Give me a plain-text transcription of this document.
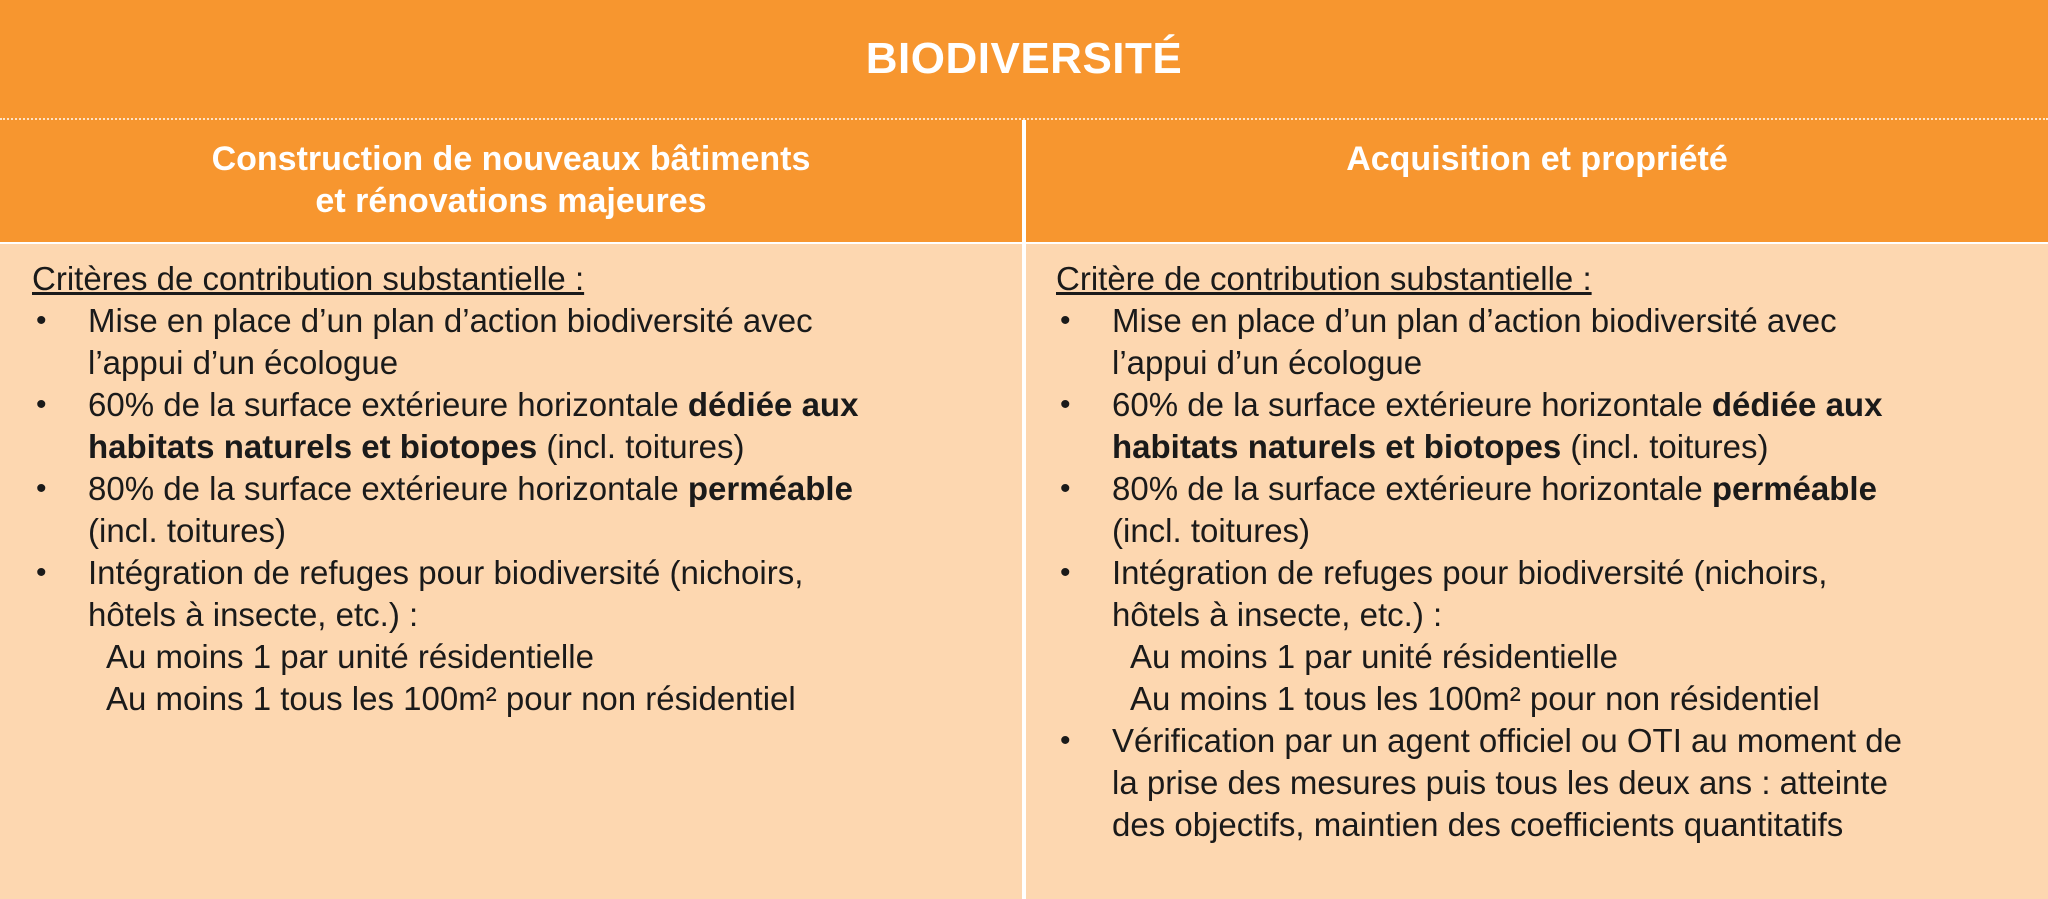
BIODIVERSITÉ
Construction de nouveaux bâtiments
et rénovations majeures
Acquisition et propriété
Critères de contribution substantielle :
• Mise en place d’un plan d’action biodiversité avec
l’appui d’un écologue
• 60% de la surface extérieure horizontale dédiée aux
habitats naturels et biotopes (incl. toitures)
• 80% de la surface extérieure horizontale perméable
(incl. toitures)
• Intégration de refuges pour biodiversité (nichoirs,
hôtels à insecte, etc.) :
Au moins 1 par unité résidentielle
Au moins 1 tous les 100m² pour non résidentiel
Critère de contribution substantielle :
• Mise en place d’un plan d’action biodiversité avec
l’appui d’un écologue
• 60% de la surface extérieure horizontale dédiée aux
habitats naturels et biotopes (incl. toitures)
• 80% de la surface extérieure horizontale perméable
(incl. toitures)
• Intégration de refuges pour biodiversité (nichoirs,
hôtels à insecte, etc.) :
Au moins 1 par unité résidentielle
Au moins 1 tous les 100m² pour non résidentiel
• Vérification par un agent officiel ou OTI au moment de
la prise des mesures puis tous les deux ans : atteinte
des objectifs, maintien des coefficients quantitatifs
